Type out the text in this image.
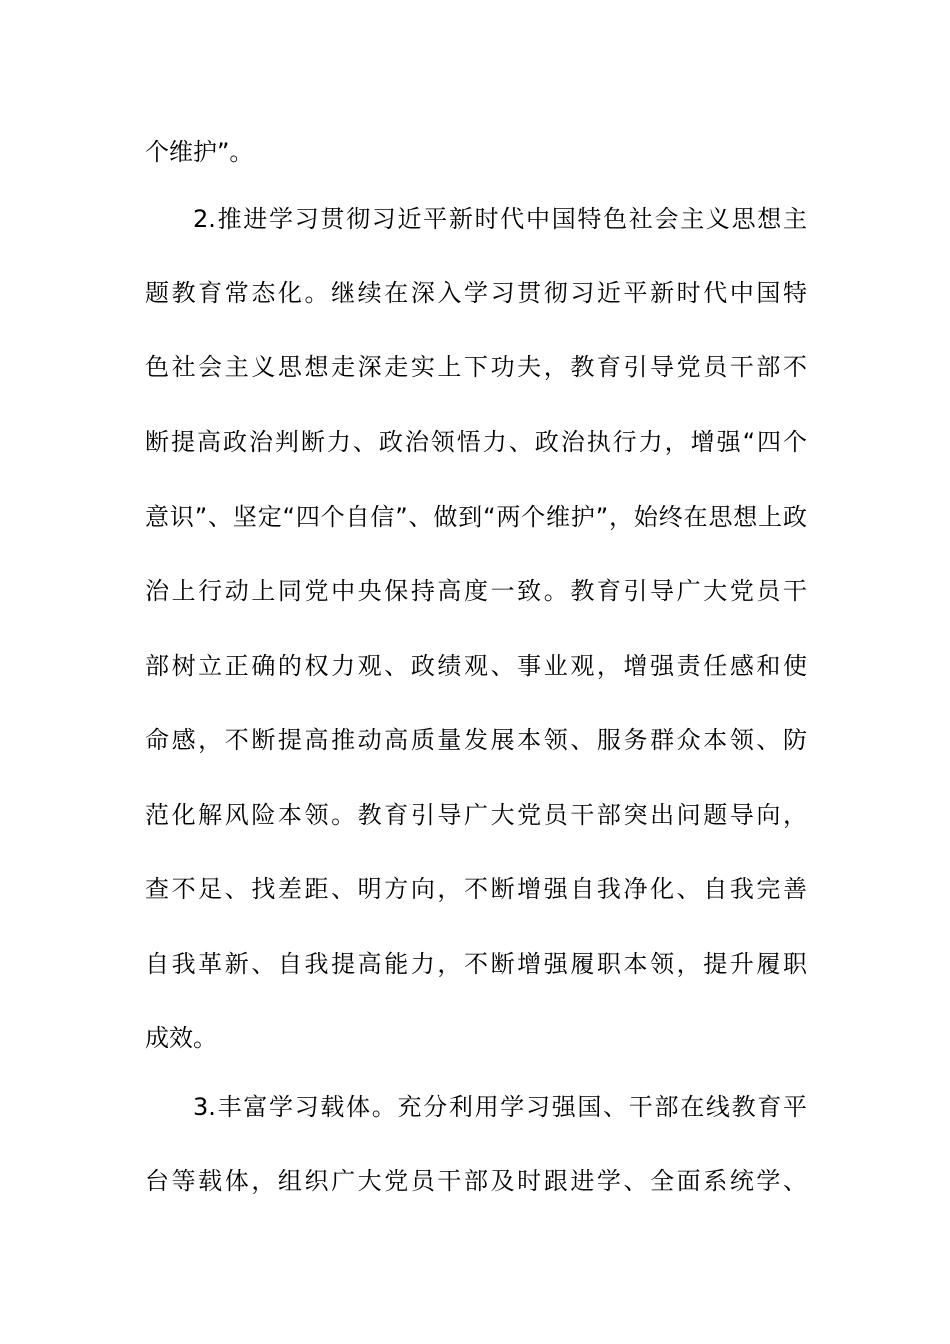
个维护”。
2.推进学习贯彻习近平新时代中国特色社会主义思想主
题教育常态化。继续在深入学习贯彻习近平新时代中国特
色社会主义思想走深走实上下功夫，教育引导党员干部不
断提高政治判断力、政治领悟力、政治执行力，增强“四个
意识”、坚定“四个自信”、做到“两个维护”，始终在思想上政
治上行动上同党中央保持高度一致。教育引导广大党员干
部树立正确的权力观、政绩观、事业观，增强责任感和使
命感，不断提高推动高质量发展本领、服务群众本领、防
范化解风险本领。教育引导广大党员干部突出问题导向，
查不足、找差距、明方向，不断增强自我净化、自我完善
自我革新、自我提高能力，不断增强履职本领，提升履职
成效。
3.丰富学习载体。充分利用学习强国、干部在线教育平
台等载体，组织广大党员干部及时跟进学、全面系统学、
